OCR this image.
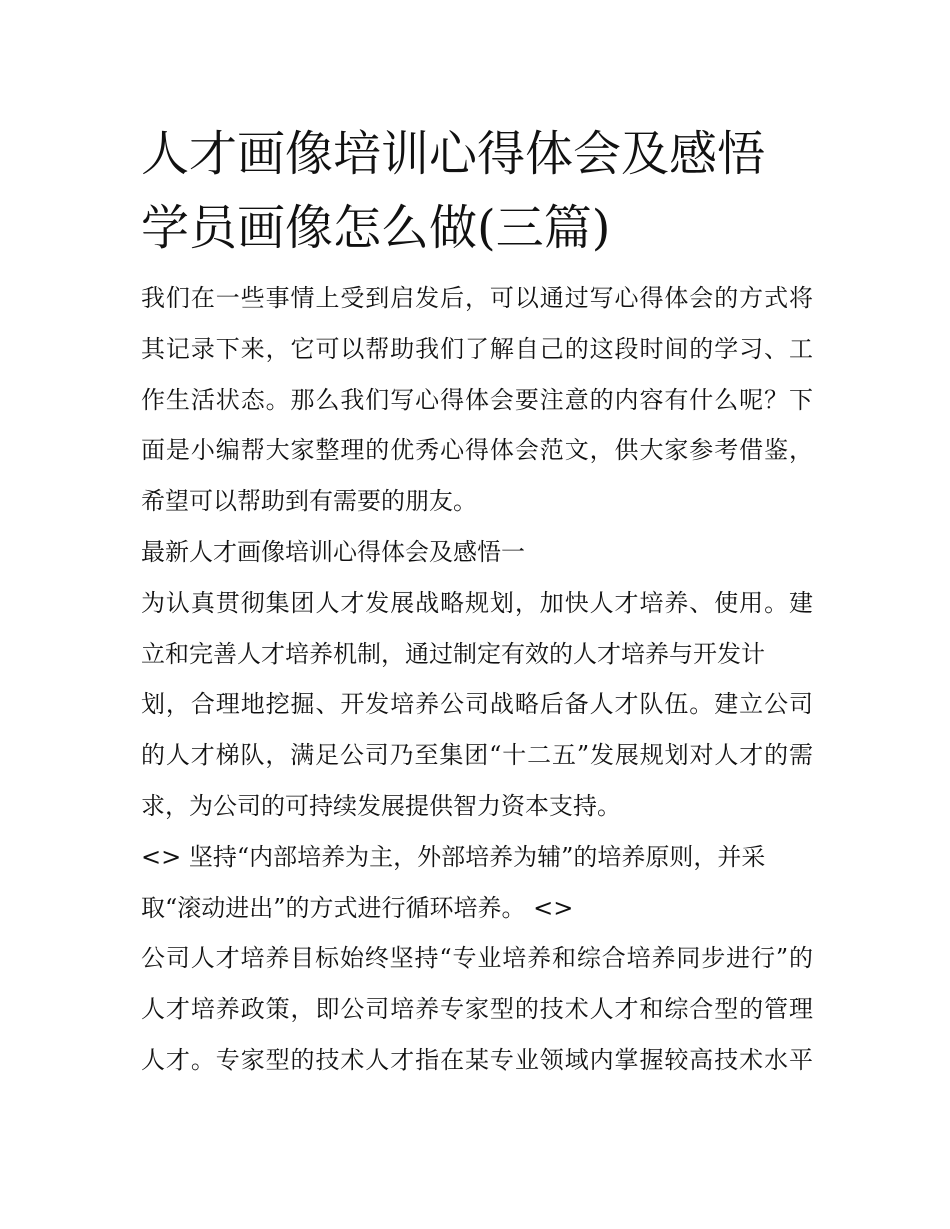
人才画像培训心得体会及感悟
学员画像怎么做(三篇)
我们在一些事情上受到启发后，可以通过写心得体会的方式将
其记录下来，它可以帮助我们了解自己的这段时间的学习、工
作生活状态。那么我们写心得体会要注意的内容有什么呢？下
面是小编帮大家整理的优秀心得体会范文，供大家参考借鉴，
希望可以帮助到有需要的朋友。
最新人才画像培训心得体会及感悟一
为认真贯彻集团人才发展战略规划，加快人才培养、使用。建
立和完善人才培养机制，通过制定有效的人才培养与开发计
划，合理地挖掘、开发培养公司战略后备人才队伍。建立公司
的人才梯队，满足公司乃至集团“十二五”发展规划对人才的需
求，为公司的可持续发展提供智力资本支持。
<> 坚持“内部培养为主，外部培养为辅”的培养原则，并采
取“滚动进出”的方式进行循环培养。 <>
公司人才培养目标始终坚持“专业培养和综合培养同步进行”的
人才培养政策，即公司培养专家型的技术人才和综合型的管理
人才。专家型的技术人才指在某专业领域内掌握较高技术水平
